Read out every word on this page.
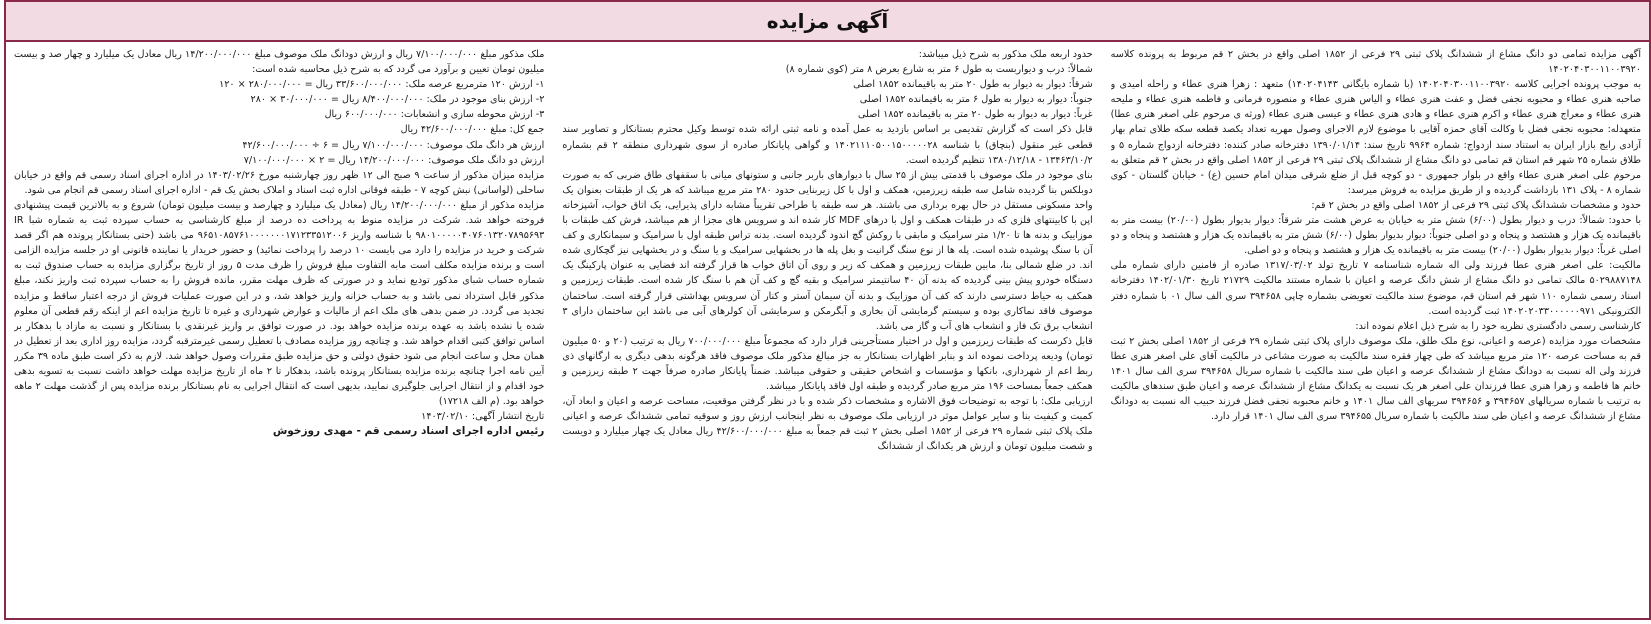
آگهی مزایده

آگهی مزایده تمامی دو دانگ مشاع از ششدانگ پلاک ثبتی ۲۹ فرعی از ۱۸۵۲ اصلی واقع در بخش ۲ قم مربوط به پرونده کلاسه ۱۴۰۲۰۴۰۳۰۰۱۱۰۰۳۹۲۰

به موجب پرونده اجرایی کلاسه ۱۴۰۲۰۴۰۳۰۰۱۱۰۰۳۹۲۰ (با شماره بایگانی ۱۴۰۲۰۴۱۴۳) متعهد : زهرا هنری عطاء و راحله امیدی و صاحبه هنری عطاء و محبوبه نجفی فضل و عفت هنری عطاء و الیاس هنری عطاء و منصوره فرمانی و فاطمه هنری عطاء و ملیحه هنری عطاء و معراج هنری عطاء و اکرم هنری عطاء و هادی هنری عطاء و عیسی هنری عطاء (ورثه ی مرحوم علی اصغر هنری عطا) متعهدله: محبوبه نجفی فضل با وکالت آقای حمزه آقایی با موضوع لازم الاجرای وصول مهریه تعداد یکصد قطعه سکه طلای تمام بهار آزادی رایج بازار ایران به استناد سند ازدواج: شماره ۹۹۶۴ تاریخ سند: ۱۳۹۰/۰۱/۱۴ دفترخانه صادر کننده: دفترخانه ازدواج شماره ۵ و طلاق شماره ۲۵ شهر قم استان قم تمامی دو دانگ مشاع از ششدانگ پلاک ثبتی ۲۹ فرعی از ۱۸۵۲ اصلی واقع در بخش ۲ قم متعلق به مرحوم علی اصغر هنری عطاء واقع در بلوار جمهوری - دو کوچه قبل از ضلع شرقی میدان امام حسین (ع) - خیابان گلستان - کوی شماره ۸ - پلاک ۱۳۱ بازداشت گردیده و از طریق مزایده به فروش میرسد:

حدود و مشخصات ششدانگ پلاک ثبتی ۲۹ فرعی از ۱۸۵۲ اصلی واقع در بخش ۲ قم:

با حدود: شمالاً: درب و دیوار بطول (۶/۰۰) شش متر به خیابان به عرض هشت متر شرقاً: دیوار بدیوار بطول (۲۰/۰۰) بیست متر به باقیمانده یک هزار و هشتصد و پنجاه و دو اصلی جنوباً: دیوار بدیوار بطول (۶/۰۰) شش متر به باقیمانده یک هزار و هشتصد و پنجاه و دو اصلی غرباً: دیوار بدیوار بطول (۲۰/۰۰) بیست متر به باقیمانده یک هزار و هشتصد و پنجاه و دو اصلی.

مالکیت: علی اصغر هنری عطا فرزند ولی اله شماره شناسنامه ۷ تاریخ تولد ۱۳۱۷/۰۳/۰۲ صادره از فامنین دارای شماره ملی ۵۰۲۹۸۸۷۱۴۸ مالک تمامی دو دانگ مشاع از شش دانگ عرصه و اعیان با شماره مستند مالکیت ۲۱۷۲۹ تاریخ ۱۴۰۲/۰۱/۳۰ دفترخانه اسناد رسمی شماره ۱۱۰ شهر قم استان قم، موضوع سند مالکیت تعویضی بشماره چاپی ۳۹۴۶۵۸ سری الف سال ۰۱ با شماره دفتر الکترونیکی ۱۴۰۲۰۲۰۳۳۰۰۰۰۰۰۹۷۱ ثبت گردیده است.

کارشناسی رسمی دادگستری نظریه خود را به شرح ذیل اعلام نموده اند:

مشخصات مورد مزایده (عرصه و اعیانی، نوع ملک طلق، ملک موصوف دارای پلاک ثبتی شماره ۲۹ فرعی از ۱۸۵۲ اصلی بخش ۲ ثبت قم به مساحت عرصه ۱۲۰ متر مربع میباشد که طی چهار فقره سند مالکیت به صورت مشاعی در مالکیت آقای علی اصغر هنری عطا فرزند ولی اله نسبت به دودانگ مشاع از ششدانگ عرصه و اعیان طی سند مالکیت با شماره سریال ۳۹۴۶۵۸ سری الف سال ۱۴۰۱ خانم ها فاطمه و زهرا هنری عطا فرزندان علی اصغر هر یک نسبت به یکدانگ مشاع از ششدانگ عرصه و اعیان طبق سندهای مالکیت به ترتیب با شماره سریالهای ۳۹۴۶۵۷ و ۳۹۴۶۵۶ سریهای الف سال ۱۴۰۱ و خانم محبوبه نجفی فضل فرزند حبیب اله نسبت به دودانگ مشاع از ششدانگ عرصه و اعیان طی سند مالکیت با شماره سریال ۳۹۴۶۵۵ سری الف سال ۱۴۰۱ قرار دارد.

حدود اربعه ملک مذکور به شرح ذیل میباشد:

شمالاً: درب و دیواربست به طول ۶ متر به شارع بعرض ۸ متر (کوی شماره ۸)

شرقاً: دیوار به دیوار به طول ۲۰ متر به باقیمانده ۱۸۵۲ اصلی

جنوباً: دیوار به دیوار به طول ۶ متر به باقیمانده ۱۸۵۲ اصلی

غرباً: دیوار به دیوار به طول ۲۰ متر به باقیمانده ۱۸۵۲ اصلی

قابل ذکر است که گزارش تقدیمی بر اساس بازدید به عمل آمده و نامه ثبتی ارائه شده توسط وکیل محترم بستانکار و تصاویر سند قطعی غیر منقول (بنچاق) با شناسه ۱۴۰۲۱۱۱۰۵۰۰۱۵۰۰۰۰۰۲۸ و گواهی پایانکار صادره از سوی شهرداری منطقه ۲ قم بشماره ۱۳۴۶۳/۱۰/۲ - ۱۳۸۰/۱۲/۱۸ تنظیم گردیده است.

بنای موجود در ملک موصوف با قدمتی بیش از ۲۵ سال با دیوارهای باربر جانبی و ستونهای میانی با سقفهای طاق ضربی که به صورت دوبلکس بنا گردیده شامل سه طبقه زیرزمین، همکف و اول با کل زیربنایی حدود ۲۸۰ متر مربع میباشد که هر یک از طبقات بعنوان یک واحد مسکونی مستقل در حال بهره برداری می باشند. هر سه طبقه با طراحی تقریباً مشابه دارای پذیرایی، یک اتاق خواب، آشپزخانه اپن با کابینتهای فلزی که در طبقات همکف و اول با درهای MDF کار شده اند و سرویس های مجزا از هم میباشد، فرش کف طبقات با موزاییک و بدنه ها تا ۱/۲۰ متر سرامیک و مابقی با روکش گچ اندود گردیده است. بدنه تراس طبقه اول با سرامیک و سیمانکاری و کف آن با سنگ پوشیده شده است. پله ها از نوع سنگ گرانیت و بغل پله ها در بخشهایی سرامیک و یا سنگ و در بخشهایی نیز گچکاری شده اند. در ضلع شمالی بنا، مابین طبقات زیرزمین و همکف که زیر و روی آن اتاق خواب ها قرار گرفته اند فضایی به عنوان پارکینگ یک دستگاه خودرو پیش بینی گردیده که بدنه آن ۴۰ سانتیمتر سرامیک و بقیه گچ و کف آن هم با سنگ کار شده است. طبقات زیرزمین و همکف به حیاط دسترسی دارند که کف آن موزاییک و بدنه آن سیمان آستر و کنار آن سرویس بهداشتی قرار گرفته است. ساختمان موصوف فاقد نماکاری بوده و سیستم گرمایشی آن بخاری و آبگرمکن و سرمایشی آن کولرهای آبی می باشد این ساختمان دارای ۳ انشعاب برق تک فاز و انشعاب های آب و گاز می باشد.

قابل ذکرست که طبقات زیرزمین و اول در اختیار مستأجرینی قرار دارد که مجموعاً مبلغ ۷۰۰/۰۰۰/۰۰۰ ریال به ترتیب (۲۰ و ۵۰ میلیون تومان) ودیعه پرداخت نموده اند و بنابر اظهارات بستانکار به جز مبالغ مذکور ملک موصوف فاقد هرگونه بدهی دیگری به ارگانهای ذی ربط اعم از شهرداری، بانکها و مؤسسات و اشخاص حقیقی و حقوقی میباشد. ضمناً پایانکار صادره صرفاً جهت ۲ طبقه زیرزمین و همکف جمعاً بمساحت ۱۹۶ متر مربع صادر گردیده و طبقه اول فاقد پایانکار میباشد.

ارزیابی ملک: با توجه به توضیحات فوق الاشاره و مشخصات ذکر شده و با در نظر گرفتن موقعیت، مساحت عرصه و اعیان و ابعاد آن، کمیت و کیفیت بنا و سایر عوامل موثر در ارزیابی ملک موصوف به نظر اینجانب ارزش روز و سوقیه تمامی ششدانگ عرصه و اعیانی ملک پلاک ثبتی شماره ۲۹ فرعی از ۱۸۵۲ اصلی بخش ۲ ثبت قم جمعاً به مبلغ ۴۲/۶۰۰/۰۰۰/۰۰۰ ریال معادل یک چهار میلیارد و دویست و شصت میلیون تومان و ارزش هر یکدانگ از ششدانگ

ملک مذکور مبلغ ۷/۱۰۰/۰۰۰/۰۰۰ ریال و ارزش دودانگ ملک موصوف مبلغ ۱۴/۲۰۰/۰۰۰/۰۰۰ ریال معادل یک میلیارد و چهار صد و بیست میلیون تومان تعیین و برآورد می گردد که به شرح ذیل محاسبه شده است:

۱- ارزش ۱۲۰ مترمربع عرصه ملک: ۳۳/۶۰۰/۰۰۰/۰۰۰ ریال = ۲۸۰/۰۰۰/۰۰۰ × ۱۲۰

۲- ارزش بنای موجود در ملک: ۸/۴۰۰/۰۰۰/۰۰۰ ریال = ۳۰/۰۰۰/۰۰۰ × ۲۸۰

۳- ارزش محوطه سازی و انشعابات: ۶۰۰/۰۰۰/۰۰۰ ریال

جمع کل: مبلغ ۴۲/۶۰۰/۰۰۰/۰۰۰ ریال

ارزش هر دانگ ملک موصوف: ۷/۱۰۰/۰۰۰/۰۰۰ ریال = ۶ ÷ ۴۲/۶۰۰/۰۰۰/۰۰۰

ارزش دو دانگ ملک موصوف: ۱۴/۲۰۰/۰۰۰/۰۰۰ ریال = ۲ × ۷/۱۰۰/۰۰۰/۰۰۰

مزایده میزان مذکور از ساعت ۹ صبح الی ۱۲ ظهر روز چهارشنبه مورخ ۱۴۰۳/۰۲/۲۶ در اداره اجرای اسناد رسمی قم واقع در خیابان ساحلی (لواسانی) نبش کوچه ۷ - طبقه فوقانی اداره ثبت اسناد و املاک بخش یک قم - اداره اجرای اسناد رسمی قم انجام می شود.

مزایده مذکور از مبلغ ۱۴/۲۰۰/۰۰۰/۰۰۰ ریال (معادل یک میلیارد و چهارصد و بیست میلیون تومان) شروع و به بالاترین قیمت پیشنهادی فروخته خواهد شد. شرکت در مزایده منوط به پرداخت ده درصد از مبلغ کارشناسی به حساب سپرده ثبت به شماره شبا IR ۹۸۰۱۰۰۰۰۰۴۰۷۶۰۱۳۲۰۷۸۹۵۶۹۳ با شناسه واریز ۹۶۵۱۰۸۵۷۶۱۰۰۰۰۰۰۰۱۷۱۲۳۳۵۱۲۰۰۶ می باشد (حتی بستانکار پرونده هم اگر قصد شرکت و خرید در مزایده را دارد می بایست ۱۰ درصد را پرداخت نمائید) و حضور خریدار یا نماینده قانونی او در جلسه مزایده الزامی است و برنده مزایده مکلف است مابه التفاوت مبلغ فروش را ظرف مدت ۵ روز از تاریخ برگزاری مزایده به حساب صندوق ثبت به شماره حساب شبای مذکور تودیع نماید و در صورتی که ظرف مهلت مقرر، مانده فروش را به حساب سپرده ثبت واریز نکند، مبلغ مذکور قابل استرداد نمی باشد و به حساب خزانه واریز خواهد شد، و در این صورت عملیات فروش از درجه اعتبار ساقط و مزایده تجدید می گردد. در ضمن بدهی های ملک اعم از مالیات و عوارض شهرداری و غیره تا تاریخ مزایده اعم از اینکه رقم قطعی آن معلوم شده یا نشده باشد به عهده برنده مزایده خواهد بود. در صورت توافق بر واریز غیرنقدی با بستانکار و نسبت به مازاد با بدهکار بر اساس توافق کتبی اقدام خواهد شد. و چنانچه روز مزایده مصادف با تعطیل رسمی غیرمترقبه گردد، مزایده روز اداری بعد از تعطیل در همان محل و ساعت انجام می شود حقوق دولتی و حق مزایده طبق مقررات وصول خواهد شد. لازم به ذکر است طبق ماده ۳۹ مکرر آیین نامه اجرا چنانچه برنده مزایده بستانکار پرونده باشد، بدهکار تا ۲ ماه از تاریخ مزایده مهلت خواهد داشت نسبت به تسویه بدهی خود اقدام و از انتقال اجرایی جلوگیری نمایید، بدیهی است که انتقال اجرایی به نام بستانکار برنده مزایده پس از گذشت مهلت ۲ ماهه خواهد بود. (م الف ۱۷۲۱۸)

تاریخ انتشار آگهی: ۱۴۰۳/۰۲/۱۰

رئیس اداره اجرای اسناد رسمی قم - مهدی روزخوش
